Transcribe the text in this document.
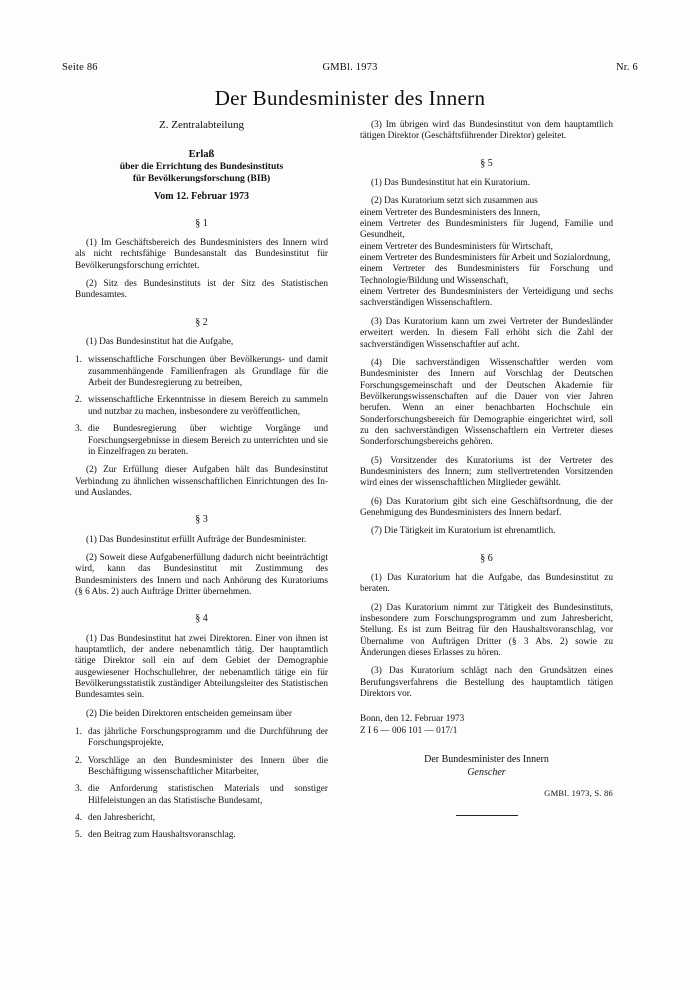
Seite 86	GMBl. 1973	Nr. 6
Der Bundesminister des Innern
Z. Zentralabteilung
Erlaß
über die Errichtung des Bundesinstituts
für Bevölkerungsforschung (BIB)
Vom 12. Februar 1973
§ 1

(1) Im Geschäftsbereich des Bundesministers des Innern wird als nicht rechtsfähige Bundesanstalt das Bundesinstitut für Bevölkerungsforschung errichtet.

(2) Sitz des Bundesinstituts ist der Sitz des Statistischen Bundesamtes.

§ 2

(1) Das Bundesinstitut hat die Aufgabe,

1. wissenschaftliche Forschungen über Bevölkerungs- und damit zusammenhängende Familienfragen als Grundlage für die Arbeit der Bundesregierung zu betreiben,
2. wissenschaftliche Erkenntnisse in diesem Bereich zu sammeln und nutzbar zu machen, insbesondere zu veröffentlichen,
3. die Bundesregierung über wichtige Vorgänge und Forschungsergebnisse in diesem Bereich zu unterrichten und sie in Einzelfragen zu beraten.

(2) Zur Erfüllung dieser Aufgaben hält das Bundesinstitut Verbindung zu ähnlichen wissenschaftlichen Einrichtungen des In- und Auslandes.

§ 3

(1) Das Bundesinstitut erfüllt Aufträge der Bundesminister.

(2) Soweit diese Aufgabenerfüllung dadurch nicht beeinträchtigt wird, kann das Bundesinstitut mit Zustimmung des Bundesministers des Innern und nach Anhörung des Kuratoriums (§ 6 Abs. 2) auch Aufträge Dritter übernehmen.

§ 4

(1) Das Bundesinstitut hat zwei Direktoren. Einer von ihnen ist hauptamtlich, der andere nebenamtlich tätig. Der hauptamtlich tätige Direktor soll ein auf dem Gebiet der Demographie ausgewiesener Hochschullehrer, der nebenamtlich tätige ein für Bevölkerungsstatistik zuständiger Abteilungsleiter des Statistischen Bundesamtes sein.

(2) Die beiden Direktoren entscheiden gemeinsam über

1. das jährliche Forschungsprogramm und die Durchführung der Forschungsprojekte,
2. Vorschläge an den Bundesminister des Innern über die Beschäftigung wissenschaftlicher Mitarbeiter,
3. die Anforderung statistischen Materials und sonstiger Hilfeleistungen an das Statistische Bundesamt,
4. den Jahresbericht,
5. den Beitrag zum Haushaltsvoranschlag.

(3) Im übrigen wird das Bundesinstitut von dem hauptamtlich tätigen Direktor (Geschäftsführender Direktor) geleitet.

§ 5

(1) Das Bundesinstitut hat ein Kuratorium.

(2) Das Kuratorium setzt sich zusammen aus

einem Vertreter des Bundesministers des Innern,
einem Vertreter des Bundesministers für Jugend, Familie und Gesundheit,
einem Vertreter des Bundesministers für Wirtschaft,
einem Vertreter des Bundesministers für Arbeit und Sozialordnung,
einem Vertreter des Bundesministers für Forschung und Technologie/Bildung und Wissenschaft,
einem Vertreter des Bundesministers der Verteidigung und sechs sachverständigen Wissenschaftlern.

(3) Das Kuratorium kann um zwei Vertreter der Bundesländer erweitert werden. In diesem Fall erhöht sich die Zahl der sachverständigen Wissenschaftler auf acht.

(4) Die sachverständigen Wissenschaftler werden vom Bundesminister des Innern auf Vorschlag der Deutschen Forschungsgemeinschaft und der Deutschen Akademie für Bevölkerungswissenschaften auf die Dauer von vier Jahren berufen. Wenn an einer benachbarten Hochschule ein Sonderforschungsbereich für Demographie eingerichtet wird, soll zu den sachverständigen Wissenschaftlern ein Vertreter dieses Sonderforschungsbereichs gehören.

(5) Vorsitzender des Kuratoriums ist der Vertreter des Bundesministers des Innern; zum stellvertretenden Vorsitzenden wird eines der wissenschaftlichen Mitglieder gewählt.

(6) Das Kuratorium gibt sich eine Geschäftsordnung, die der Genehmigung des Bundesministers des Innern bedarf.

(7) Die Tätigkeit im Kuratorium ist ehrenamtlich.

§ 6

(1) Das Kuratorium hat die Aufgabe, das Bundesinstitut zu beraten.

(2) Das Kuratorium nimmt zur Tätigkeit des Bundesinstituts, insbesondere zum Forschungsprogramm und zum Jahresbericht, Stellung. Es ist zum Beitrag für den Haushaltsvoranschlag, vor Übernahme von Aufträgen Dritter (§ 3 Abs. 2) sowie zu Änderungen dieses Erlasses zu hören.

(3) Das Kuratorium schlägt nach den Grundsätzen eines Berufungsverfahrens die Bestellung des hauptamtlich tätigen Direktors vor.

Bonn, den 12. Februar 1973

Z I 6 — 006 101 — 017/1

Der Bundesminister des Innern
Genscher
GMBl. 1973, S. 86
